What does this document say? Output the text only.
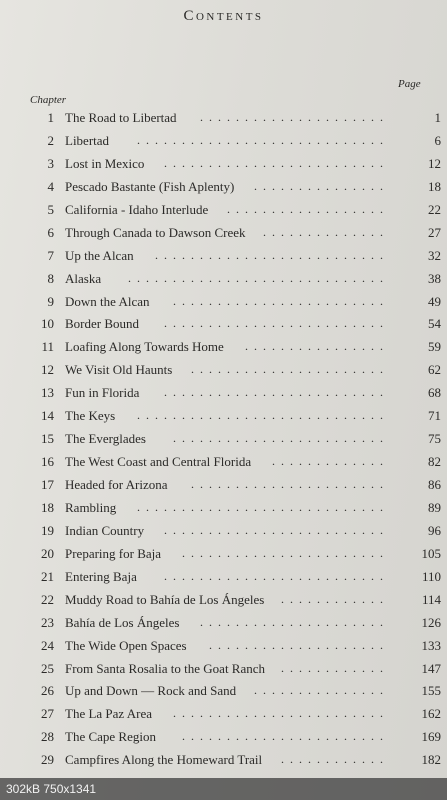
Contents
Page
Chapter
1 The Road to Libertad .....................	1
2 Libertad ............................	6
3 Lost in Mexico .........................	12
4 Pescado Bastante (Fish Aplenty) ...............	18
5 California - Idaho Interlude ..................	22
6 Through Canada to Dawson Creek ..............	27
7 Up the Alcan ..........................	32
8 Alaska .............................	38
9 Down the Alcan ........................	49
10 Border Bound .........................	54
11 Loafing Along Towards Home ................	59
12 We Visit Old Haunts ......................	62
13 Fun in Florida .........................	68
14 The Keys ............................	71
15 The Everglades ........................	75
16 The West Coast and Central Florida .............	82
17 Headed for Arizona ......................	86
18 Rambling ............................	89
19 Indian Country .........................	96
20 Preparing for Baja .......................	105
21 Entering Baja .........................	110
22 Muddy Road to Bahía de Los Ángeles ............	114
23 Bahía de Los Ángeles .....................	126
24 The Wide Open Spaces ....................	133
25 From Santa Rosalia to the Goat Ranch ............	147
26 Up and Down — Rock and Sand ...............	155
27 The La Paz Area ........................	162
28 The Cape Region .......................	169
29 Campfires Along the Homeward Trail ............	182
302kB 750x1341
